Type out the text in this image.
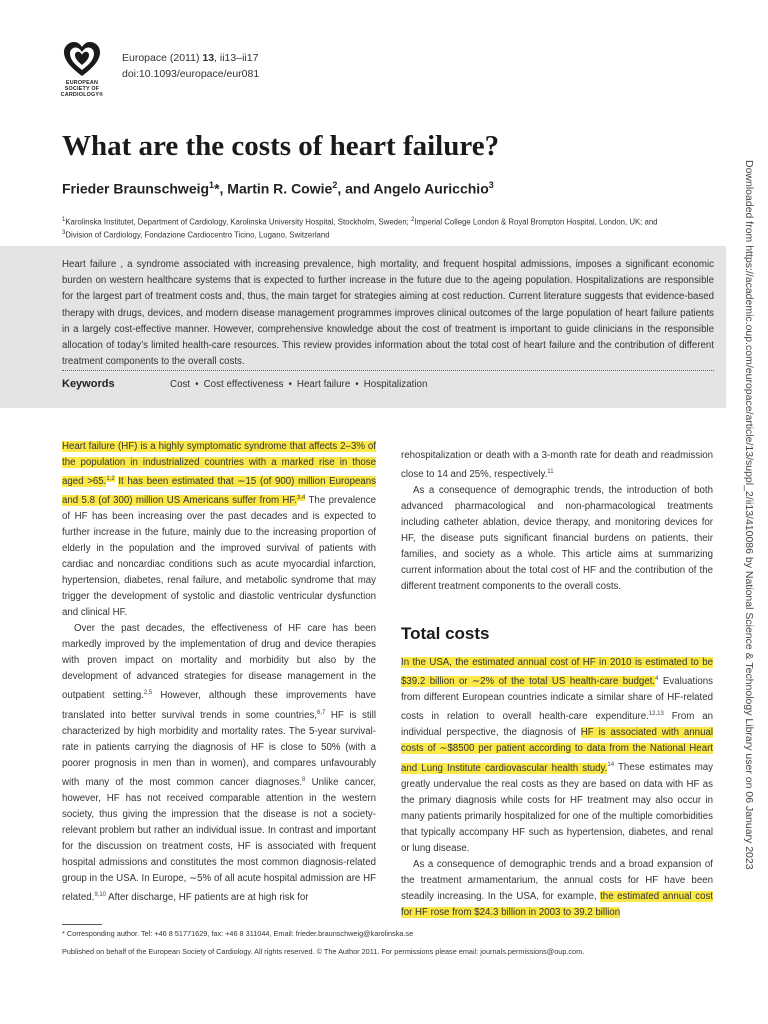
EUROPEAN
SOCIETY OF
CARDIOLOGY®
Europace (2011) 13, ii13–ii17
doi:10.1093/europace/eur081
What are the costs of heart failure?
Frieder Braunschweig$^1$*, Martin R. Cowie$^2$, and Angelo Auricchio$^3$
$^1$Karolinska Institutet, Department of Cardiology, Karolinska University Hospital, Stockholm, Sweden; $^2$Imperial College London & Royal Brompton Hospital, London, UK; and
$^3$Division of Cardiology, Fondazione Cardiocentro Ticino, Lugano, Switzerland
Heart failure , a syndrome associated with increasing prevalence, high mortality, and frequent hospital admissions, imposes a significant economic burden on western healthcare systems that is expected to further increase in the future due to the ageing population. Hospitalizations are responsible for the largest part of treatment costs and, thus, the main target for strategies aiming at cost reduction. Current literature suggests that evidence-based therapy with drugs, devices, and modern disease management programmes improves clinical outcomes of the large population of heart failure patients in a largely cost-effective manner. However, comprehensive knowledge about the cost of treatment is important to guide clinicians in the responsible allocation of today’s limited health-care resources. This review provides information about the total cost of heart failure and the contribution of different treatment components to the overall costs.
Keywords	Cost • Cost effectiveness • Heart failure • Hospitalization

Heart failure (HF) is a highly symptomatic syndrome that affects 2–3% of the population in industrialized countries with a marked rise in those aged >65.$^{1,2}$ It has been estimated that ∼15 (of 900) million Europeans and 5.8 (of 300) million US Americans suffer from HF.$^{3,4}$ The prevalence of HF has been increasing over the past decades and is expected to further increase in the future, mainly due to the increasing proportion of elderly in the population and the improved survival of patients with cardiac and noncardiac conditions such as acute myocardial infarction, hypertension, diabetes, renal failure, and metabolic syndrome that may trigger the development of systolic and diastolic ventricular dysfunction and clinical HF.

Over the past decades, the effectiveness of HF care has been markedly improved by the implementation of drug and device therapies with proven impact on mortality and morbidity but also by the development of advanced strategies for disease management in the outpatient setting.$^{2,5}$ However, although these improvements have translated into better survival trends in some countries,$^{6,7}$ HF is still characterized by high morbidity and mortality rates. The 5-year survival-rate in patients carrying the diagnosis of HF is close to 50% (with a poorer prognosis in men than in women), and compares unfavourably with many of the most common cancer diagnoses.$^8$ Unlike cancer, however, HF has not received comparable attention in the western society, thus giving the impression that the disease is not a society-relevant problem but rather an individual issue. In contrast and important for the discussion on treatment costs, HF is associated with frequent hospital admissions and constitutes the most common diagnosis-related group in the USA. In Europe, ∼5% of all acute hospital admission are HF related.$^{9,10}$ After discharge, HF patients are at high risk for

rehospitalization or death with a 3-month rate for death and readmission close to 14 and 25%, respectively.$^{11}$

As a consequence of demographic trends, the introduction of both advanced pharmacological and non-pharmacological treatments including catheter ablation, device therapy, and monitoring devices for HF, the disease puts significant financial burdens on patients, their families, and society as a whole. This article aims at summarizing current information about the total cost of HF and the contribution of the different treatment components to the overall costs.

Total costs

In the USA, the estimated annual cost of HF in 2010 is estimated to be $39.2 billion or ∼2% of the total US health-care budget.$^4$ Evaluations from different European countries indicate a similar share of HF-related costs in relation to overall health-care expenditure.$^{12,13}$ From an individual perspective, the diagnosis of HF is associated with annual costs of ∼$8500 per patient according to data from the National Heart and Lung Institute cardiovascular health study.$^{14}$ These estimates may greatly undervalue the real costs as they are based on data with HF as the primary diagnosis while costs for HF treatment may also occur in many patients primarily hospitalized for one of the multiple comorbidities that typically accompany HF such as hypertension, diabetes, and renal or lung disease.

As a consequence of demographic trends and a broad expansion of the treatment armamentarium, the annual costs for HF have been steadily increasing. In the USA, for example, the estimated annual cost for HF rose from $24.3 billion in 2003 to 39.2 billion

* Corresponding author. Tel: +46 8 51771629, fax: +46 8 311044, Email: frieder.braunschweig@karolinska.se
Published on behalf of the European Society of Cardiology. All rights reserved. © The Author 2011. For permissions please email: journals.permissions@oup.com.
Downloaded from https://academic.oup.com/europace/article/13/suppl_2/ii13/410086 by National Science & Technology Library user on 06 January 2023
